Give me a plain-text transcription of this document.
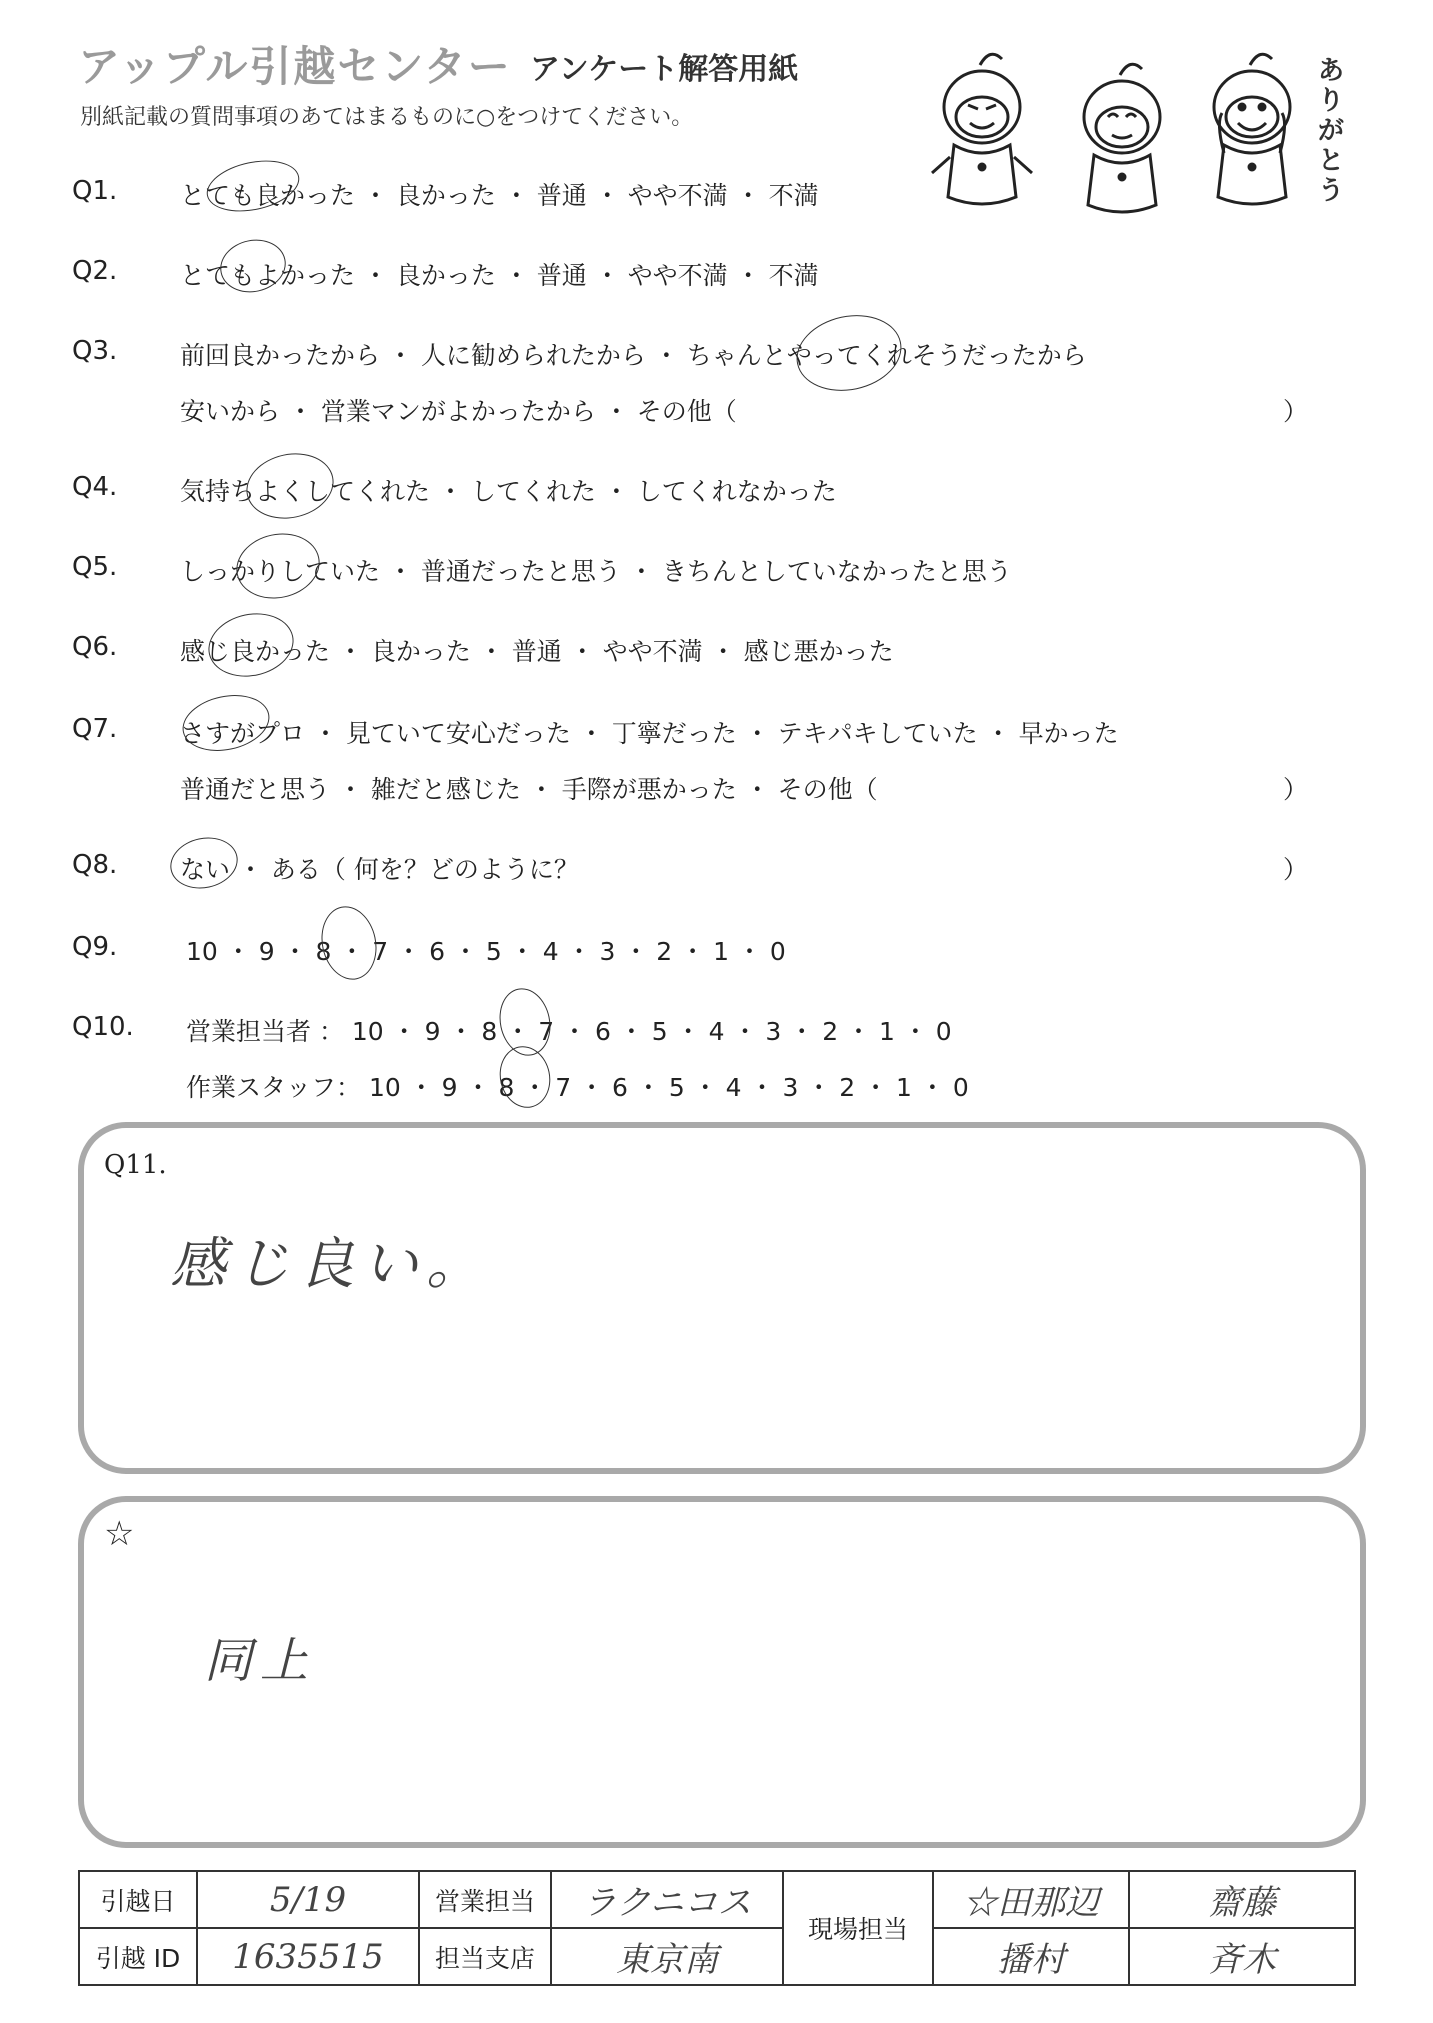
アップル引越センター アンケート解答用紙
別紙記載の質問事項のあてはまるものに○をつけてください。
ありがとう
Q1.	とても良かった ・ 良かった ・ 普通 ・ やや不満 ・ 不満
Q2.	とてもよかった ・ 良かった ・ 普通 ・ やや不満 ・ 不満
Q3.	前回良かったから ・ 人に勧められたから ・ ちゃんとやってくれそうだったから
安いから ・ 営業マンがよかったから ・ その他（	）
Q4.	気持ちよくしてくれた ・ してくれた ・ してくれなかった
Q5.	しっかりしていた ・ 普通だったと思う ・ きちんとしていなかったと思う
Q6.	感じ良かった ・ 良かった ・ 普通 ・ やや不満 ・ 感じ悪かった
Q7.	さすがプロ ・ 見ていて安心だった ・ 丁寧だった ・ テキパキしていた ・ 早かった
普通だと思う ・ 雑だと感じた ・ 手際が悪かった ・ その他（	）
Q8.	ない ・ ある（ 何を？どのように？	）
Q9.	10 ・ 9 ・ 8 ・ 7 ・ 6 ・ 5 ・ 4 ・ 3 ・ 2 ・ 1 ・ 0
Q10. 営業担当者 ： 10 ・ 9 ・ 8 ・ 7 ・ 6 ・ 5 ・ 4 ・ 3 ・ 2 ・ 1 ・ 0
作業スタッフ： 10 ・ 9 ・ 8 ・ 7 ・ 6 ・ 5 ・ 4 ・ 3 ・ 2 ・ 1 ・ 0
Q11.
感じ良い。
☆
同上
引越日	5/19	営業担当	ラクニコス	現場担当	☆田那辺	齋藤
引越 ID	1635515	担当支店	東京南		播村	斉木
